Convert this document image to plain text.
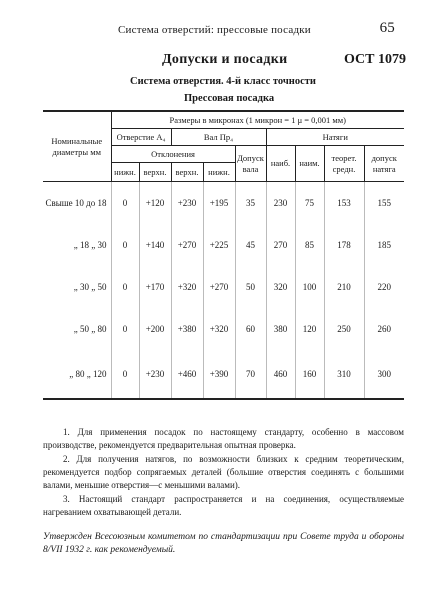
Система отверстий: прессовые посадки	65
Допуски и посадки	ОСТ 1079
Система отверстия. 4-й класс точности
Прессовая посадка
Номинальные диаметры мм	Размеры в микронах (1 микрон = 1 μ = 0,001 мм)								
	Отверстие A₄		Вал Пр₄			Натяги			
	Отклонения				Допуск вала	наиб.	наим.	теорет. средн.	допуск натяга
	нижн.	верхн.	верхн.	нижн.					
Свыше 10 до 18	0	+120	+230	+195	35	230	75	153	155
„ 18 „ 30	0	+140	+270	+225	45	270	85	178	185
„ 30 „ 50	0	+170	+320	+270	50	320	100	210	220
„ 50 „ 80	0	+200	+380	+320	60	380	120	250	260
„ 80 „ 120	0	+230	+460	+390	70	460	160	310	300

1. Для применения посадок по настоящему стандарту, особенно в массовом производстве, рекомендуется предварительная опытная проверка.

2. Для получения натягов, по возможности близких к средним теоретическим, рекомендуется подбор сопрягаемых деталей (большие отверстия соединять с большими валами, меньшие отверстия—с меньшими валами).

3. Настоящий стандарт распространяется и на соединения, осуществляемые нагреванием охватывающей детали.

Утвержден Всесоюзным комитетом по стандартизации при Совете труда и обороны 8/VII 1932 г. как рекомендуемый.
